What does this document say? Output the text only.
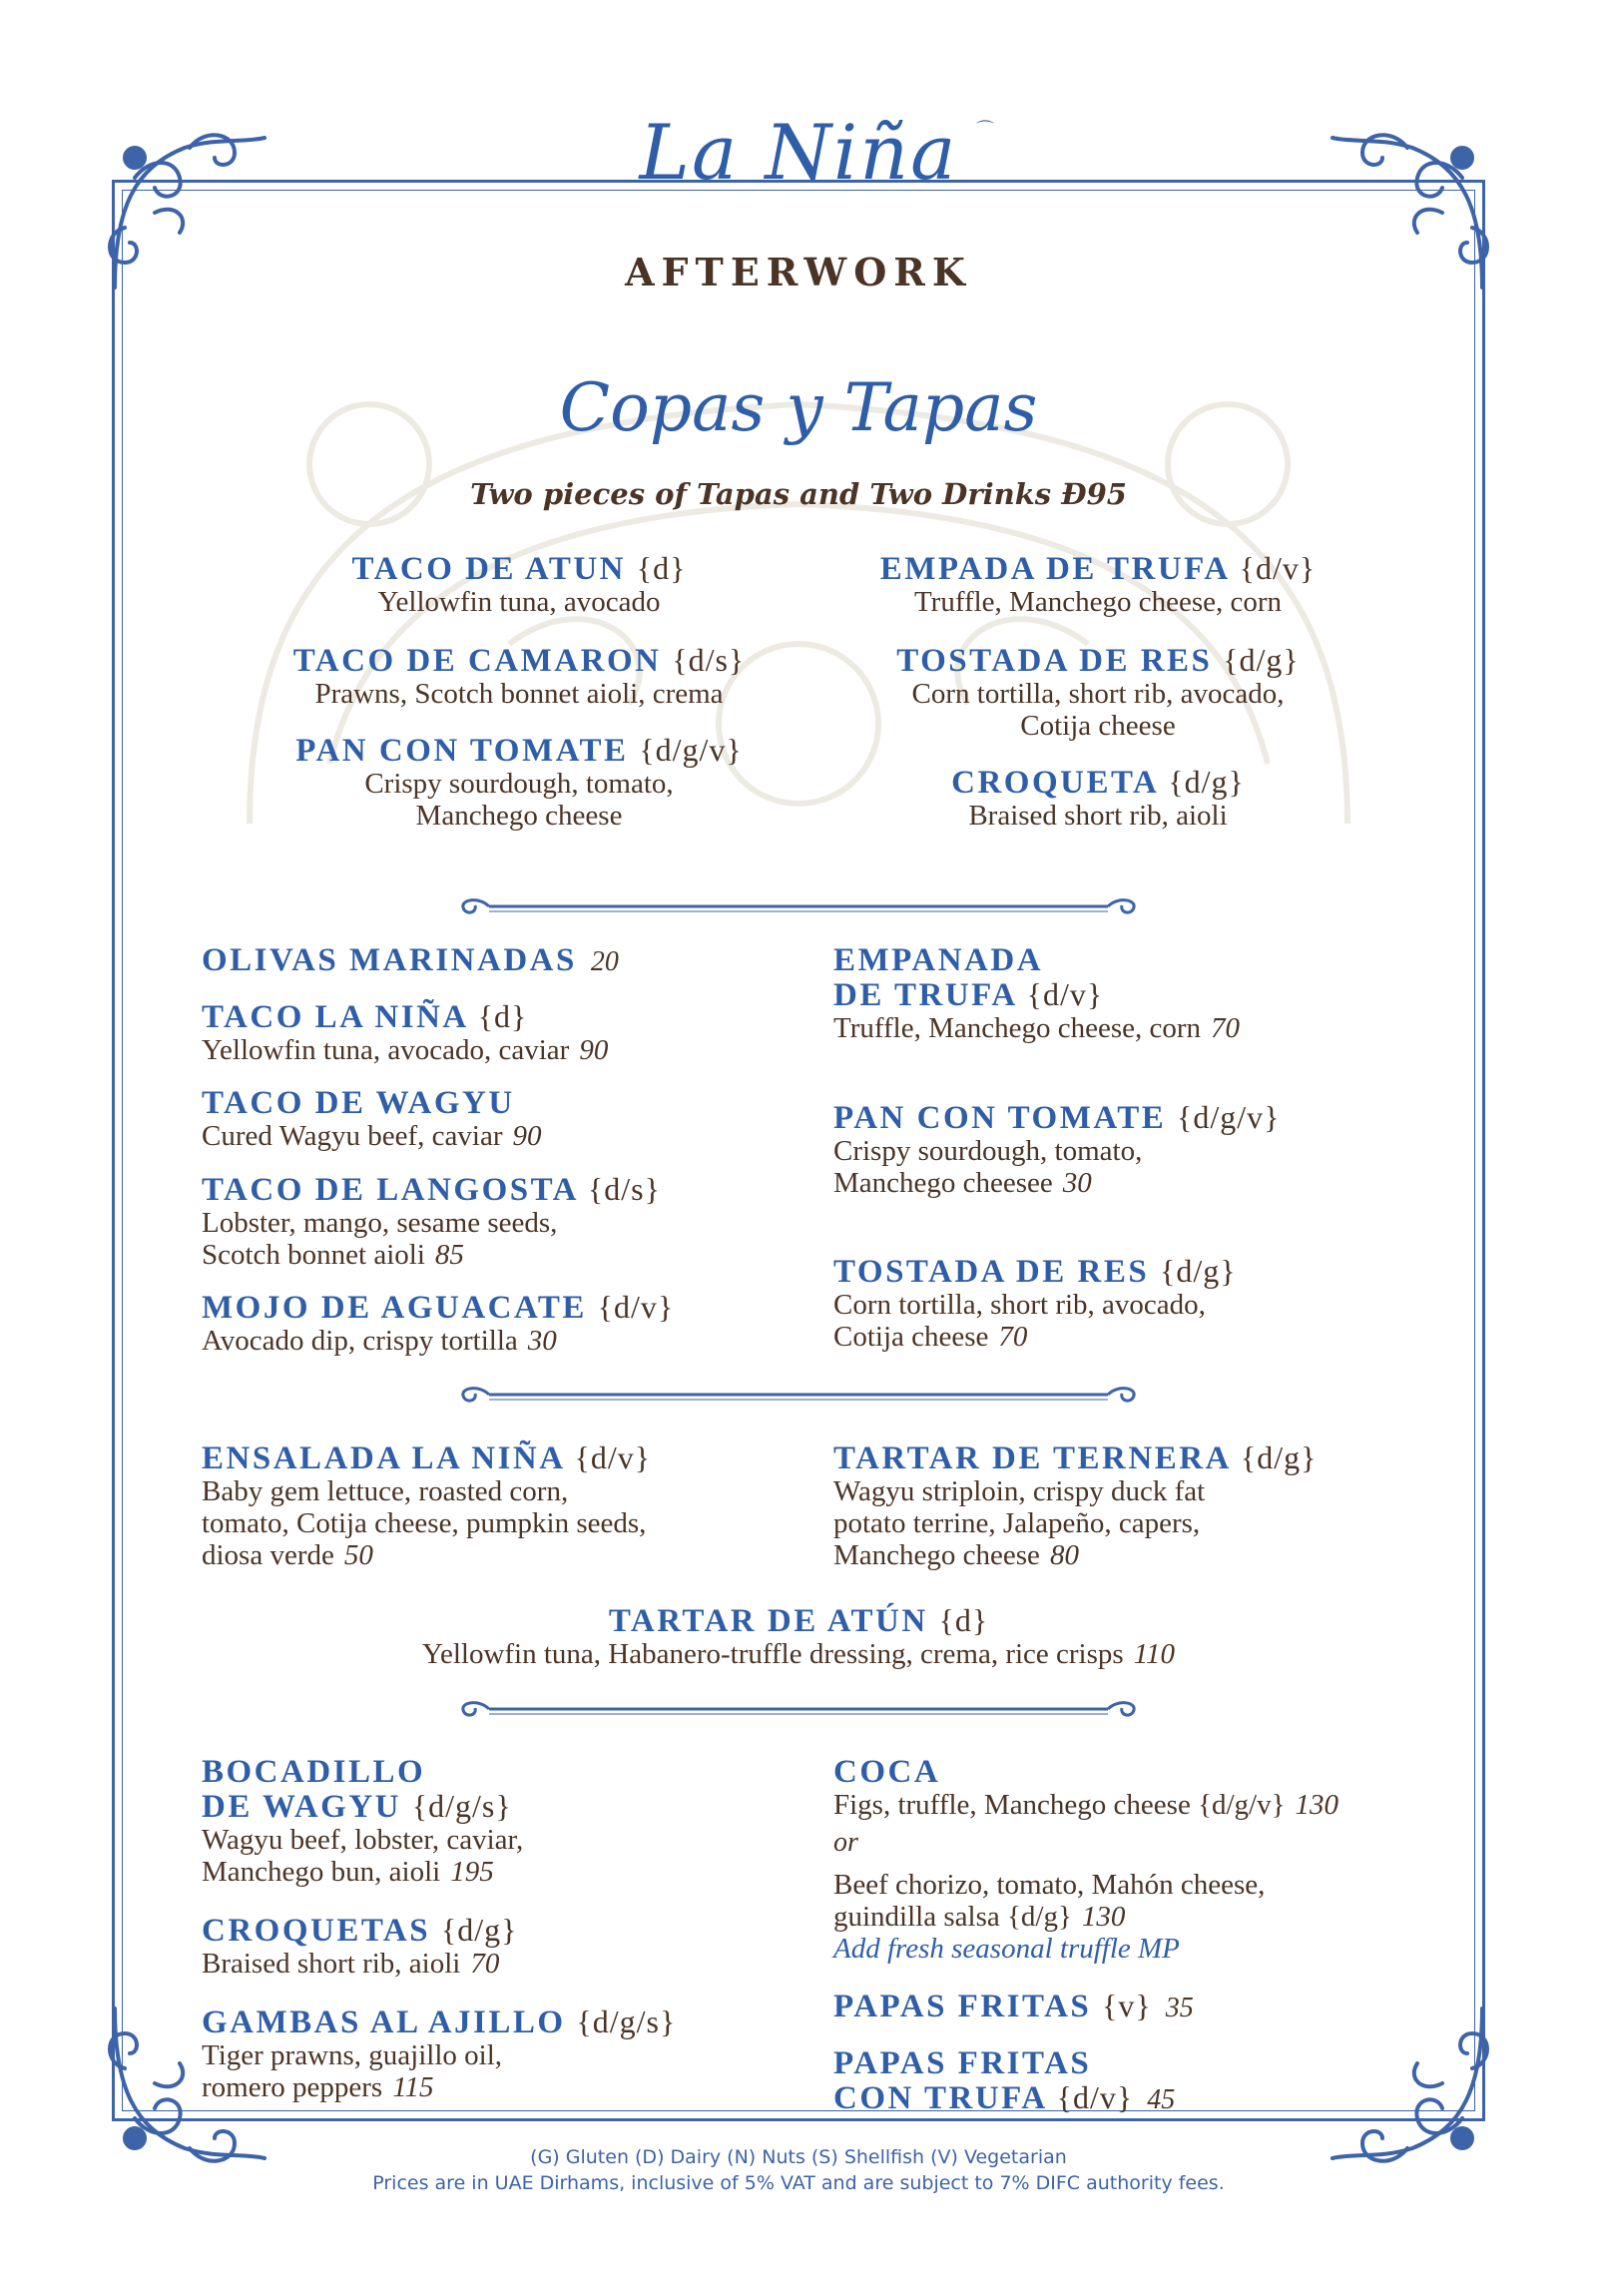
La Niña	⌒
AFTERWORK
Copas y Tapas
Two pieces of Tapas and Two Drinks Ð95
TACO DE ATUN {d}
Yellowfin tuna, avocado
TACO DE CAMARON {d/s}
Prawns, Scotch bonnet aioli, crema
PAN CON TOMATE {d/g/v}
Crispy sourdough, tomato,
Manchego cheese
EMPADA DE TRUFA {d/v}
Truffle, Manchego cheese, corn
TOSTADA DE RES {d/g}
Corn tortilla, short rib, avocado,
Cotija cheese
CROQUETA {d/g}
Braised short rib, aioli
OLIVAS MARINADAS 20
TACO LA NIÑA {d}
Yellowfin tuna, avocado, caviar 90
TACO DE WAGYU
Cured Wagyu beef, caviar 90
TACO DE LANGOSTA {d/s}
Lobster, mango, sesame seeds,
Scotch bonnet aioli 85
MOJO DE AGUACATE {d/v}
Avocado dip, crispy tortilla 30
EMPANADA
DE TRUFA {d/v}
Truffle, Manchego cheese, corn 70
PAN CON TOMATE {d/g/v}
Crispy sourdough, tomato,
Manchego cheesee 30
TOSTADA DE RES {d/g}
Corn tortilla, short rib, avocado,
Cotija cheese 70
ENSALADA LA NIÑA {d/v}
Baby gem lettuce, roasted corn,
tomato, Cotija cheese, pumpkin seeds,
diosa verde 50
TARTAR DE TERNERA {d/g}
Wagyu striploin, crispy duck fat
potato terrine, Jalapeño, capers,
Manchego cheese 80
TARTAR DE ATÚN {d}
Yellowfin tuna, Habanero-truffle dressing, crema, rice crisps 110
BOCADILLO
DE WAGYU {d/g/s}
Wagyu beef, lobster, caviar,
Manchego bun, aioli 195
CROQUETAS {d/g}
Braised short rib, aioli 70
GAMBAS AL AJILLO {d/g/s}
Tiger prawns, guajillo oil,
romero peppers 115
COCA
Figs, truffle, Manchego cheese {d/g/v} 130
or
Beef chorizo, tomato, Mahón cheese,
guindilla salsa {d/g} 130
Add fresh seasonal truffle MP
PAPAS FRITAS {v} 35
PAPAS FRITAS
CON TRUFA {d/v} 45
(G) Gluten (D) Dairy (N) Nuts (S) Shellfish (V) Vegetarian
Prices are in UAE Dirhams, inclusive of 5% VAT and are subject to 7% DIFC authority fees.
